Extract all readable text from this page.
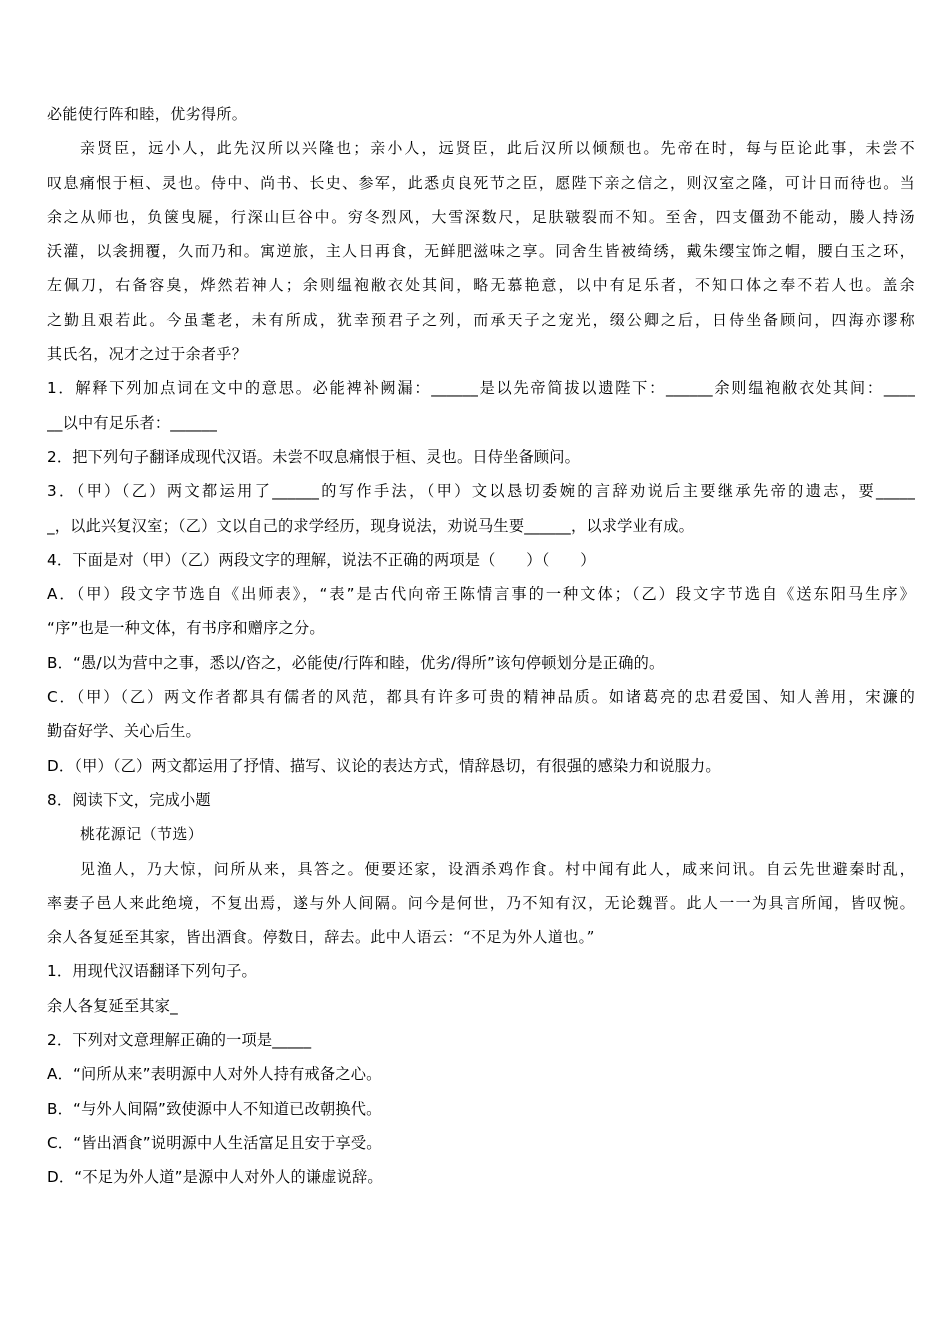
必能使行阵和睦，优劣得所。
亲贤臣，远小人，此先汉所以兴隆也；亲小人，远贤臣，此后汉所以倾颓也。先帝在时，每与臣论此事，未尝不
叹息痛恨于桓、灵也。侍中、尚书、长史、参军，此悉贞良死节之臣，愿陛下亲之信之，则汉室之隆，可计日而待也。当
余之从师也，负箧曳屣，行深山巨谷中。穷冬烈风，大雪深数尺，足肤皲裂而不知。至舍，四支僵劲不能动，媵人持汤
沃灌，以衾拥覆，久而乃和。寓逆旅，主人日再食，无鲜肥滋味之享。同舍生皆被绮绣，戴朱缨宝饰之帽，腰白玉之环，
左佩刀，右备容臭，烨然若神人；余则缊袍敝衣处其间，略无慕艳意，以中有足乐者，不知口体之奉不若人也。盖余
之勤且艰若此。今虽耄老，未有所成，犹幸预君子之列，而承天子之宠光，缀公卿之后，日侍坐备顾问，四海亦谬称
其氏名，况才之过于余者乎？
1．解释下列加点词在文中的意思。必能裨补阙漏：______是以先帝简拔以遗陛下：______余则缊袍敝衣处其间：____
__以中有足乐者：______
2．把下列句子翻译成现代汉语。未尝不叹息痛恨于桓、灵也。日侍坐备顾问。
3．（甲）（乙）两文都运用了______的写作手法，（甲）文以恳切委婉的言辞劝说后主要继承先帝的遗志，要_____
_，以此兴复汉室；（乙）文以自己的求学经历，现身说法，劝说马生要______，以求学业有成。
4．下面是对（甲）（乙）两段文字的理解，说法不正确的两项是（　　）（　　）
A．（甲）段文字节选自《出师表》，“表”是古代向帝王陈情言事的一种文体；（乙）段文字节选自《送东阳马生序》
“序”也是一种文体，有书序和赠序之分。
B．“愚/以为营中之事，悉以/咨之，必能使/行阵和睦，优劣/得所”该句停顿划分是正确的。
C．（甲）（乙）两文作者都具有儒者的风范，都具有许多可贵的精神品质。如诸葛亮的忠君爱国、知人善用，宋濂的
勤奋好学、关心后生。
D．（甲）（乙）两文都运用了抒情、描写、议论的表达方式，情辞恳切，有很强的感染力和说服力。
8．阅读下文，完成小题
桃花源记（节选）
见渔人，乃大惊，问所从来，具答之。便要还家，设酒杀鸡作食。村中闻有此人，咸来问讯。自云先世避秦时乱，
率妻子邑人来此绝境，不复出焉，遂与外人间隔。问今是何世，乃不知有汉，无论魏晋。此人一一为具言所闻，皆叹惋。
余人各复延至其家，皆出酒食。停数日，辞去。此中人语云：“不足为外人道也。”
1．用现代汉语翻译下列句子。
余人各复延至其家_
2．下列对文意理解正确的一项是_____
A．“问所从来”表明源中人对外人持有戒备之心。
B．“与外人间隔”致使源中人不知道已改朝换代。
C．“皆出酒食”说明源中人生活富足且安于享受。
D．“不足为外人道”是源中人对外人的谦虚说辞。
